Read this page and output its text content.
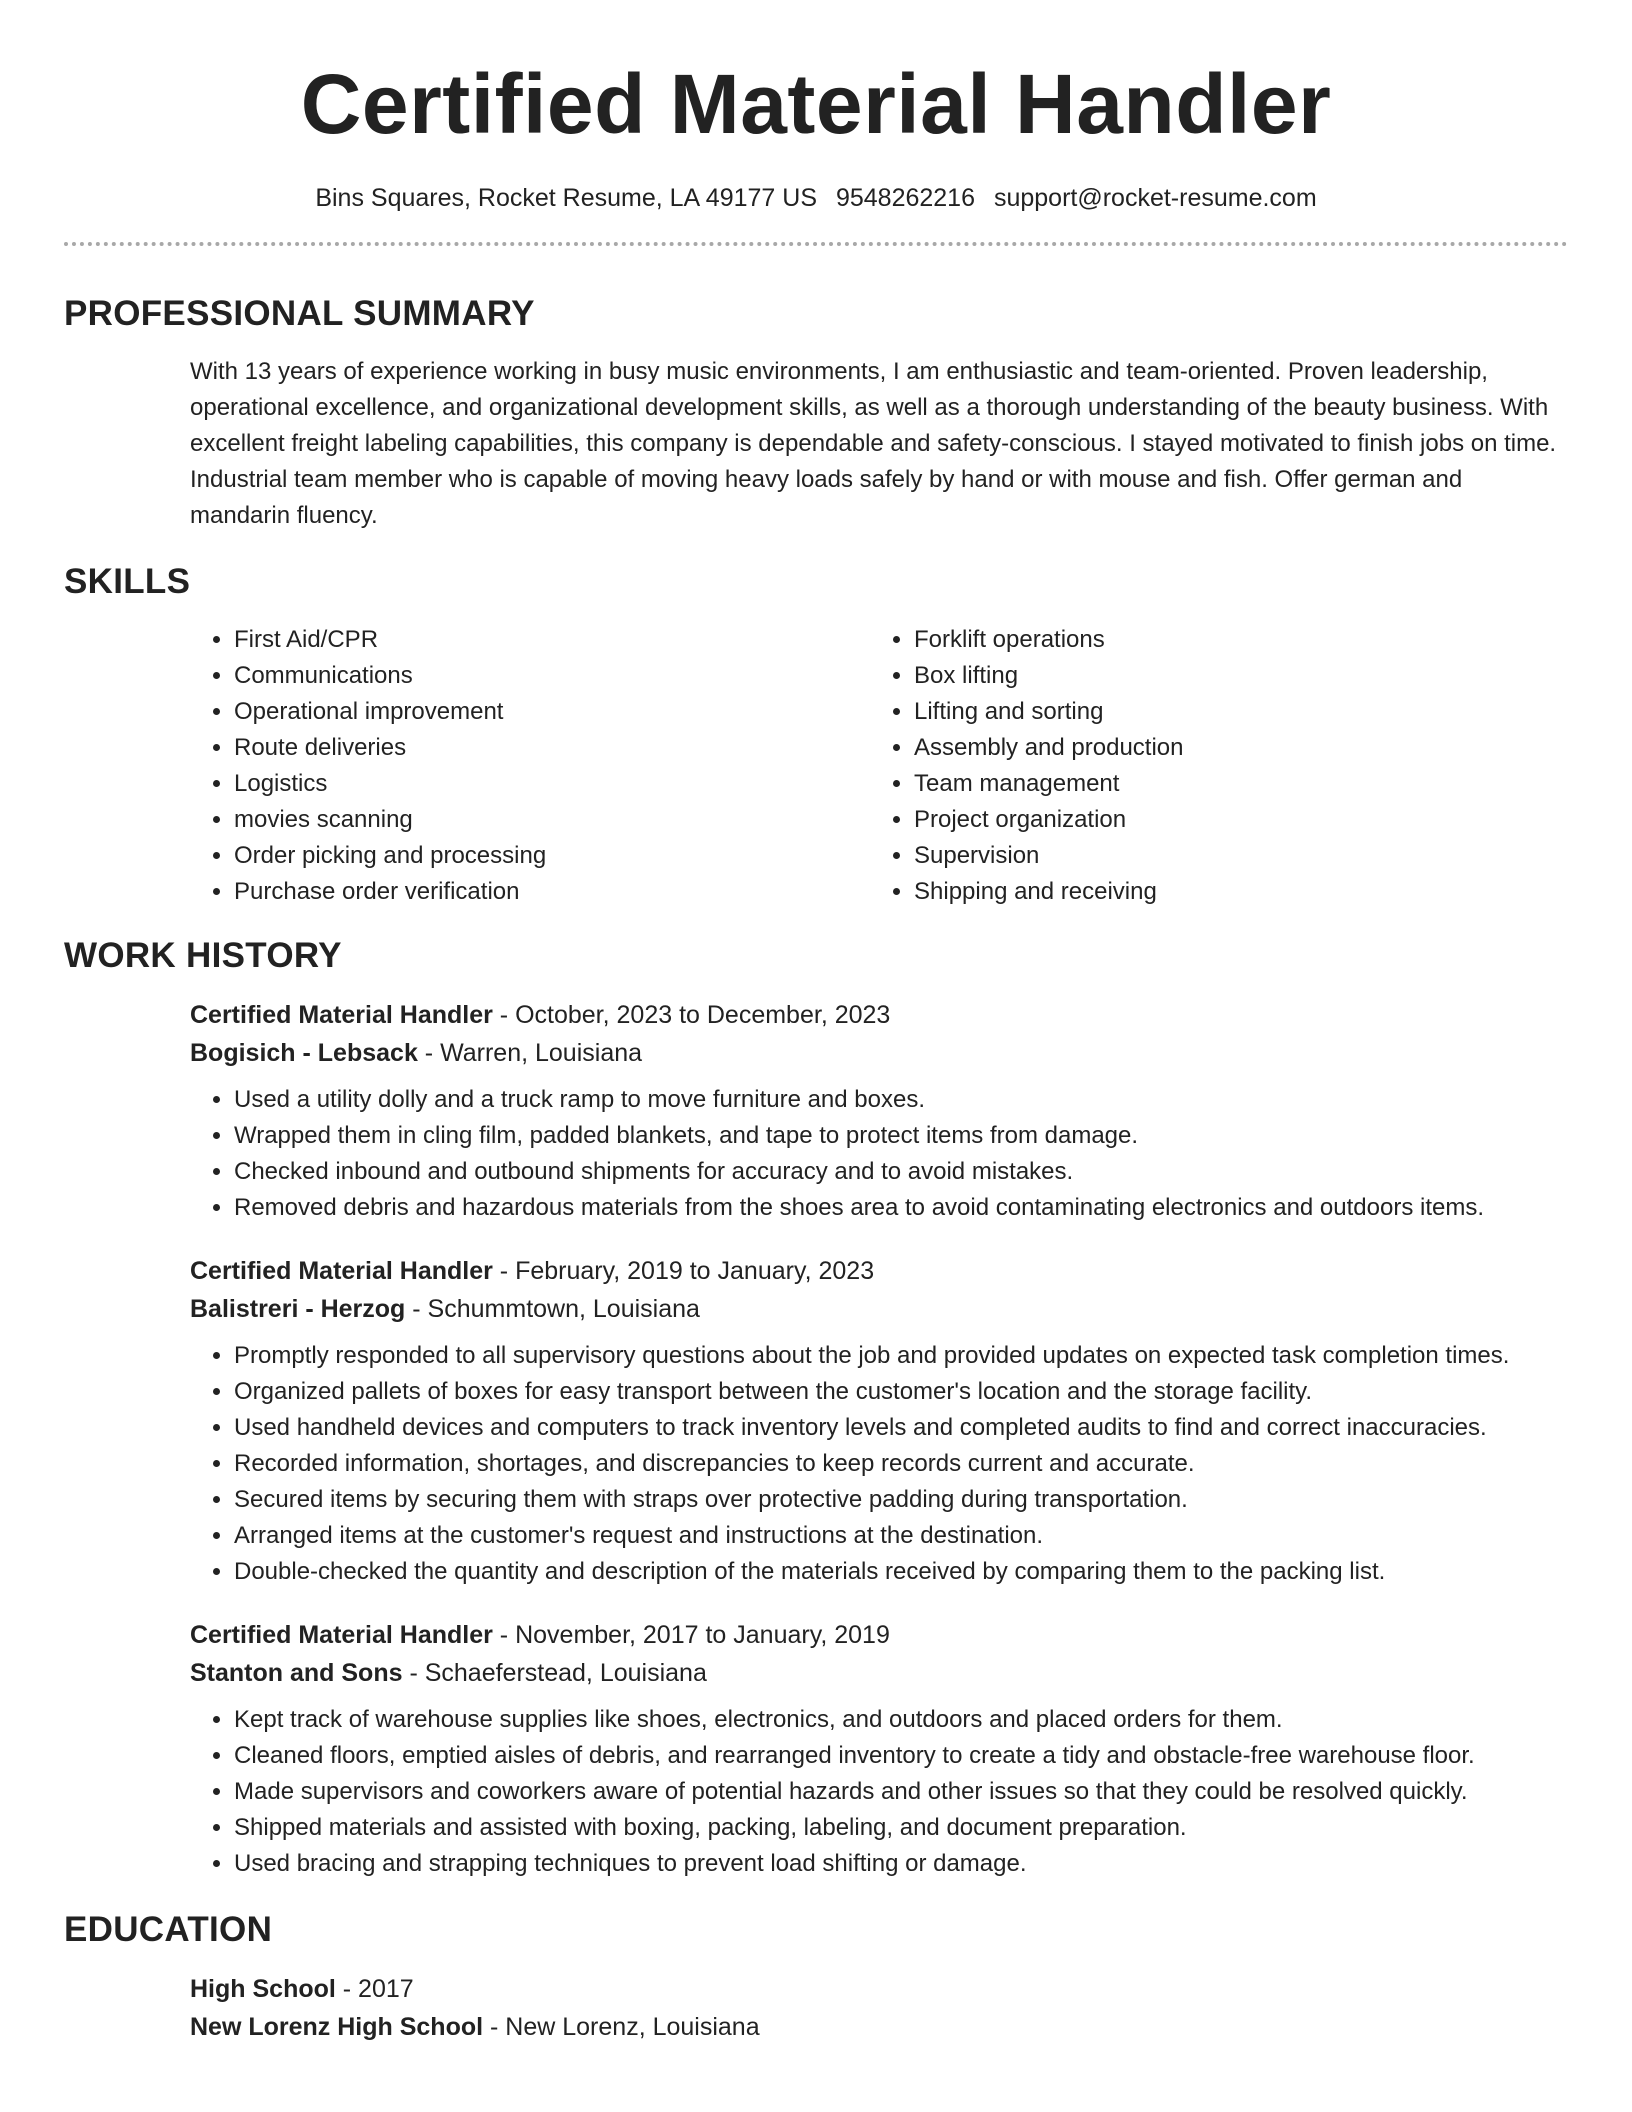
Certified Material Handler
Bins Squares, Rocket Resume, LA 49177 US 9548262216 support@rocket-resume.com
PROFESSIONAL SUMMARY
With 13 years of experience working in busy music environments, I am enthusiastic and team-oriented. Proven leadership, operational excellence, and organizational development skills, as well as a thorough understanding of the beauty business. With excellent freight labeling capabilities, this company is dependable and safety-conscious. I stayed motivated to finish jobs on time. Industrial team member who is capable of moving heavy loads safely by hand or with mouse and fish. Offer german and mandarin fluency.
SKILLS
• First Aid/CPR
• Communications
• Operational improvement
• Route deliveries
• Logistics
• movies scanning
• Order picking and processing
• Purchase order verification
• Forklift operations
• Box lifting
• Lifting and sorting
• Assembly and production
• Team management
• Project organization
• Supervision
• Shipping and receiving
WORK HISTORY
Certified Material Handler - October, 2023 to December, 2023
Bogisich - Lebsack - Warren, Louisiana
• Used a utility dolly and a truck ramp to move furniture and boxes.
• Wrapped them in cling film, padded blankets, and tape to protect items from damage.
• Checked inbound and outbound shipments for accuracy and to avoid mistakes.
• Removed debris and hazardous materials from the shoes area to avoid contaminating electronics and outdoors items.
Certified Material Handler - February, 2019 to January, 2023
Balistreri - Herzog - Schummtown, Louisiana
• Promptly responded to all supervisory questions about the job and provided updates on expected task completion times.
• Organized pallets of boxes for easy transport between the customer's location and the storage facility.
• Used handheld devices and computers to track inventory levels and completed audits to find and correct inaccuracies.
• Recorded information, shortages, and discrepancies to keep records current and accurate.
• Secured items by securing them with straps over protective padding during transportation.
• Arranged items at the customer's request and instructions at the destination.
• Double-checked the quantity and description of the materials received by comparing them to the packing list.
Certified Material Handler - November, 2017 to January, 2019
Stanton and Sons - Schaeferstead, Louisiana
• Kept track of warehouse supplies like shoes, electronics, and outdoors and placed orders for them.
• Cleaned floors, emptied aisles of debris, and rearranged inventory to create a tidy and obstacle-free warehouse floor.
• Made supervisors and coworkers aware of potential hazards and other issues so that they could be resolved quickly.
• Shipped materials and assisted with boxing, packing, labeling, and document preparation.
• Used bracing and strapping techniques to prevent load shifting or damage.
EDUCATION
High School - 2017
New Lorenz High School - New Lorenz, Louisiana
